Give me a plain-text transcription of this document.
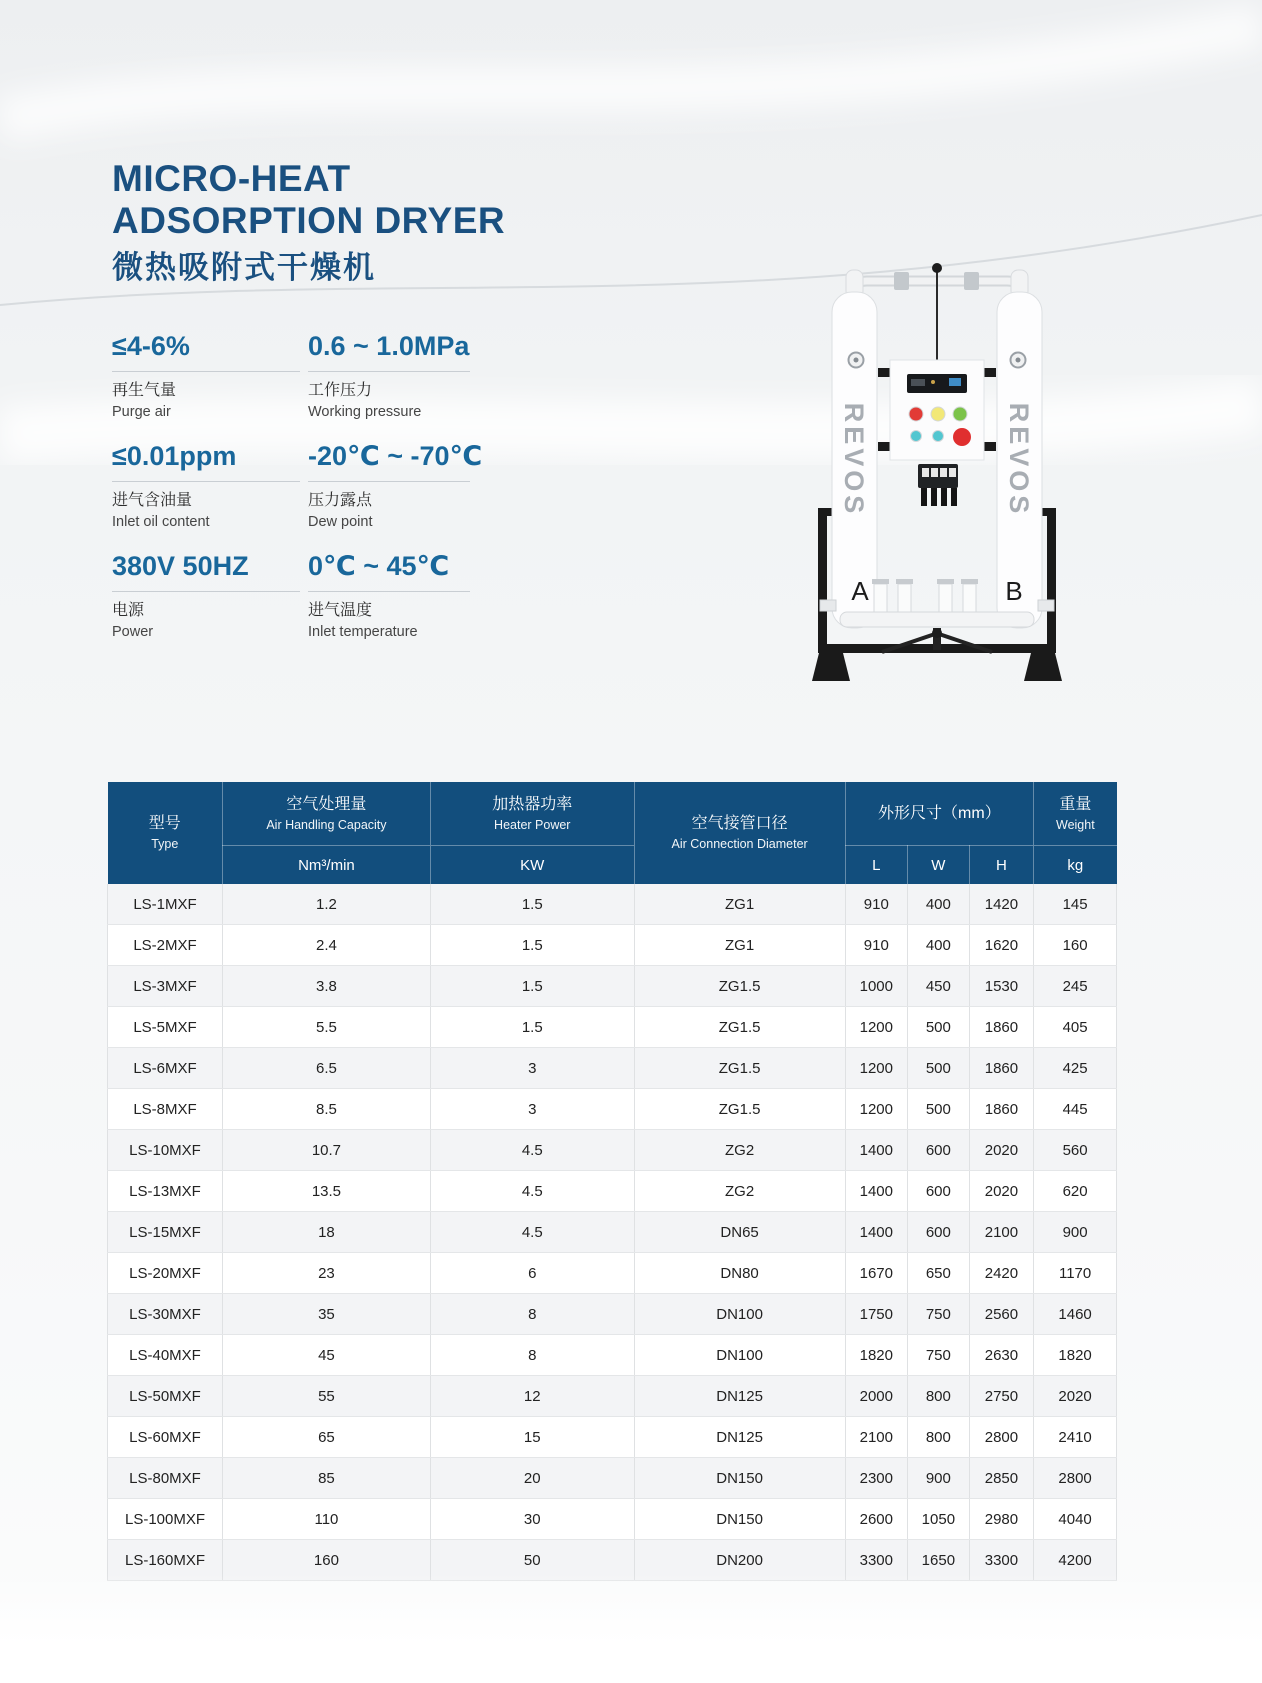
MICRO-HEAT
ADSORPTION DRYER
微热吸附式干燥机
≤4-6%
再生气量
Purge air
0.6 ~ 1.0MPa
工作压力
Working pressure
≤0.01ppm
进气含油量
Inlet oil content
-20℃ ~ -70℃
压力露点
Dew point
380V 50HZ
电源
Power
0℃ ~ 45℃
进气温度
Inlet temperature
REVOS
A
REVOS
B
型号
Type

空气处理量
Air Handling Capacity

加热器功率
Heater Power	空气接管口径
Air Connection Diameter

外形尺寸（mm）

重量
Weight

	Nm³/min	KW		L	W	H	kg
LS-1MXF	1.2	1.5	ZG1	910	400	1420	145
LS-2MXF	2.4	1.5	ZG1	910	400	1620	160
LS-3MXF	3.8	1.5	ZG1.5	1000	450	1530	245
LS-5MXF	5.5	1.5	ZG1.5	1200	500	1860	405
LS-6MXF	6.5	3	ZG1.5	1200	500	1860	425
LS-8MXF	8.5	3	ZG1.5	1200	500	1860	445
LS-10MXF	10.7	4.5	ZG2	1400	600	2020	560
LS-13MXF	13.5	4.5	ZG2	1400	600	2020	620
LS-15MXF	18	4.5	DN65	1400	600	2100	900
LS-20MXF	23	6	DN80	1670	650	2420	1170
LS-30MXF	35	8	DN100	1750	750	2560	1460
LS-40MXF	45	8	DN100	1820	750	2630	1820
LS-50MXF	55	12	DN125	2000	800	2750	2020
LS-60MXF	65	15	DN125	2100	800	2800	2410
LS-80MXF	85	20	DN150	2300	900	2850	2800
LS-100MXF	110	30	DN150	2600	1050	2980	4040
LS-160MXF	160	50	DN200	3300	1650	3300	4200
